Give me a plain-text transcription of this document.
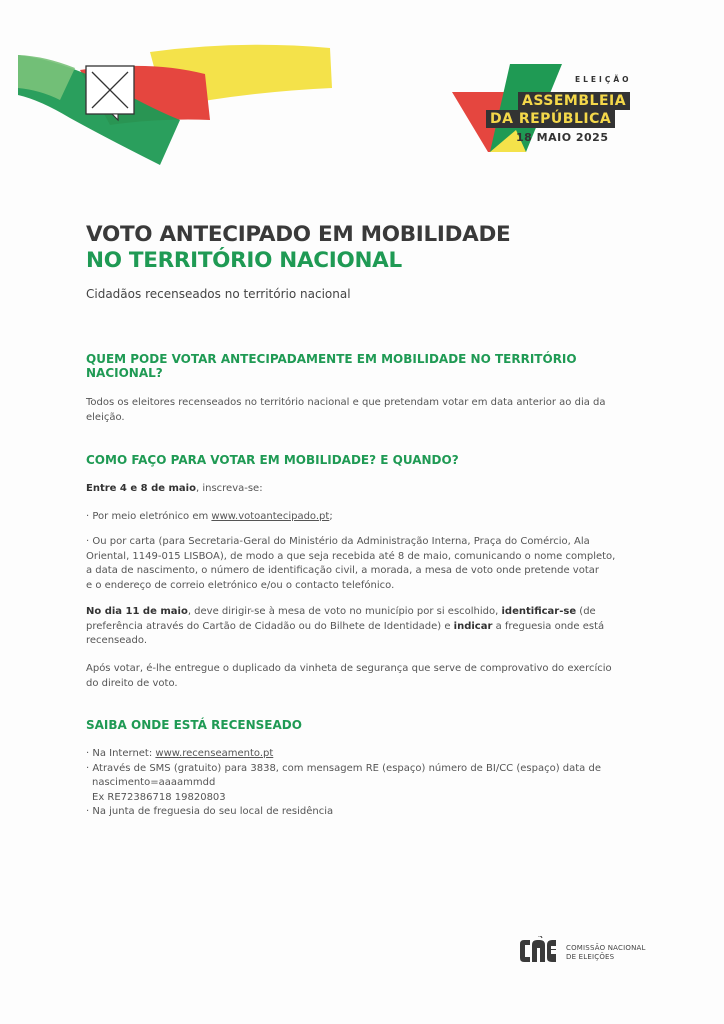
ELEIÇÃO
ASSEMBLEIA
DA REPÚBLICA
18 MAIO 2025
VOTO ANTECIPADO EM MOBILIDADE
NO TERRITÓRIO NACIONAL
Cidadãos recenseados no território nacional
QUEM PODE VOTAR ANTECIPADAMENTE EM MOBILIDADE NO TERRITÓRIO
NACIONAL?
Todos os eleitores recenseados no território nacional e que pretendam votar em data anterior ao dia da
eleição.
COMO FAÇO PARA VOTAR EM MOBILIDADE? E QUANDO?
Entre 4 e 8 de maio, inscreva-se:
· Por meio eletrónico em www.votoantecipado.pt;
· Ou por carta (para Secretaria-Geral do Ministério da Administração Interna, Praça do Comércio, Ala
Oriental, 1149-015 LISBOA), de modo a que seja recebida até 8 de maio, comunicando o nome completo,
a data de nascimento, o número de identificação civil, a morada, a mesa de voto onde pretende votar
e o endereço de correio eletrónico e/ou o contacto telefónico.
No dia 11 de maio, deve dirigir-se à mesa de voto no município por si escolhido, identificar-se (de
preferência através do Cartão de Cidadão ou do Bilhete de Identidade) e indicar a freguesia onde está
recenseado.
Após votar, é-lhe entregue o duplicado da vinheta de segurança que serve de comprovativo do exercício
do direito de voto.
SAIBA ONDE ESTÁ RECENSEADO
· Na Internet: www.recenseamento.pt
· Através de SMS (gratuito) para 3838, com mensagem RE (espaço) número de BI/CC (espaço) data de
nascimento=aaaammdd
Ex RE72386718 19820803
· Na junta de freguesia do seu local de residência
COMISSÃO NACIONAL
DE ELEIÇÕES
